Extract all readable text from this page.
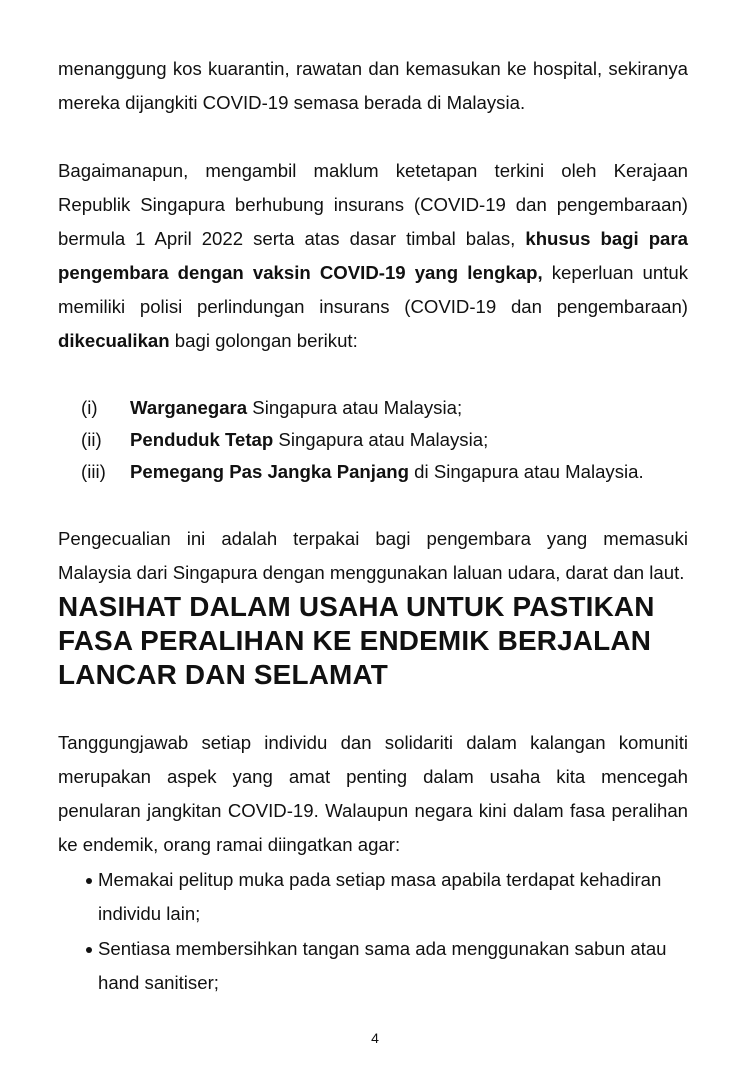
menanggung kos kuarantin, rawatan dan kemasukan ke hospital, sekiranya mereka dijangkiti COVID-19 semasa berada di Malaysia.

Bagaimanapun, mengambil maklum ketetapan terkini oleh Kerajaan Republik Singapura berhubung insurans (COVID-19 dan pengembaraan) bermula 1 April 2022 serta atas dasar timbal balas, khusus bagi para pengembara dengan vaksin COVID-19 yang lengkap, keperluan untuk memiliki polisi perlindungan insurans (COVID-19 dan pengembaraan) dikecualikan bagi golongan berikut:

(i) Warganegara Singapura atau Malaysia;
(ii) Penduduk Tetap Singapura atau Malaysia;
(iii) Pemegang Pas Jangka Panjang di Singapura atau Malaysia.

Pengecualian ini adalah terpakai bagi pengembara yang memasuki Malaysia dari Singapura dengan menggunakan laluan udara, darat dan laut.

NASIHAT DALAM USAHA UNTUK PASTIKAN FASA PERALIHAN KE ENDEMIK BERJALAN LANCAR DAN SELAMAT

Tanggungjawab setiap individu dan solidariti dalam kalangan komuniti merupakan aspek yang amat penting dalam usaha kita mencegah penularan jangkitan COVID-19. Walaupun negara kini dalam fasa peralihan ke endemik, orang ramai diingatkan agar:

Memakai pelitup muka pada setiap masa apabila terdapat kehadiran individu lain;
Sentiasa membersihkan tangan sama ada menggunakan sabun atau hand sanitiser;
4
